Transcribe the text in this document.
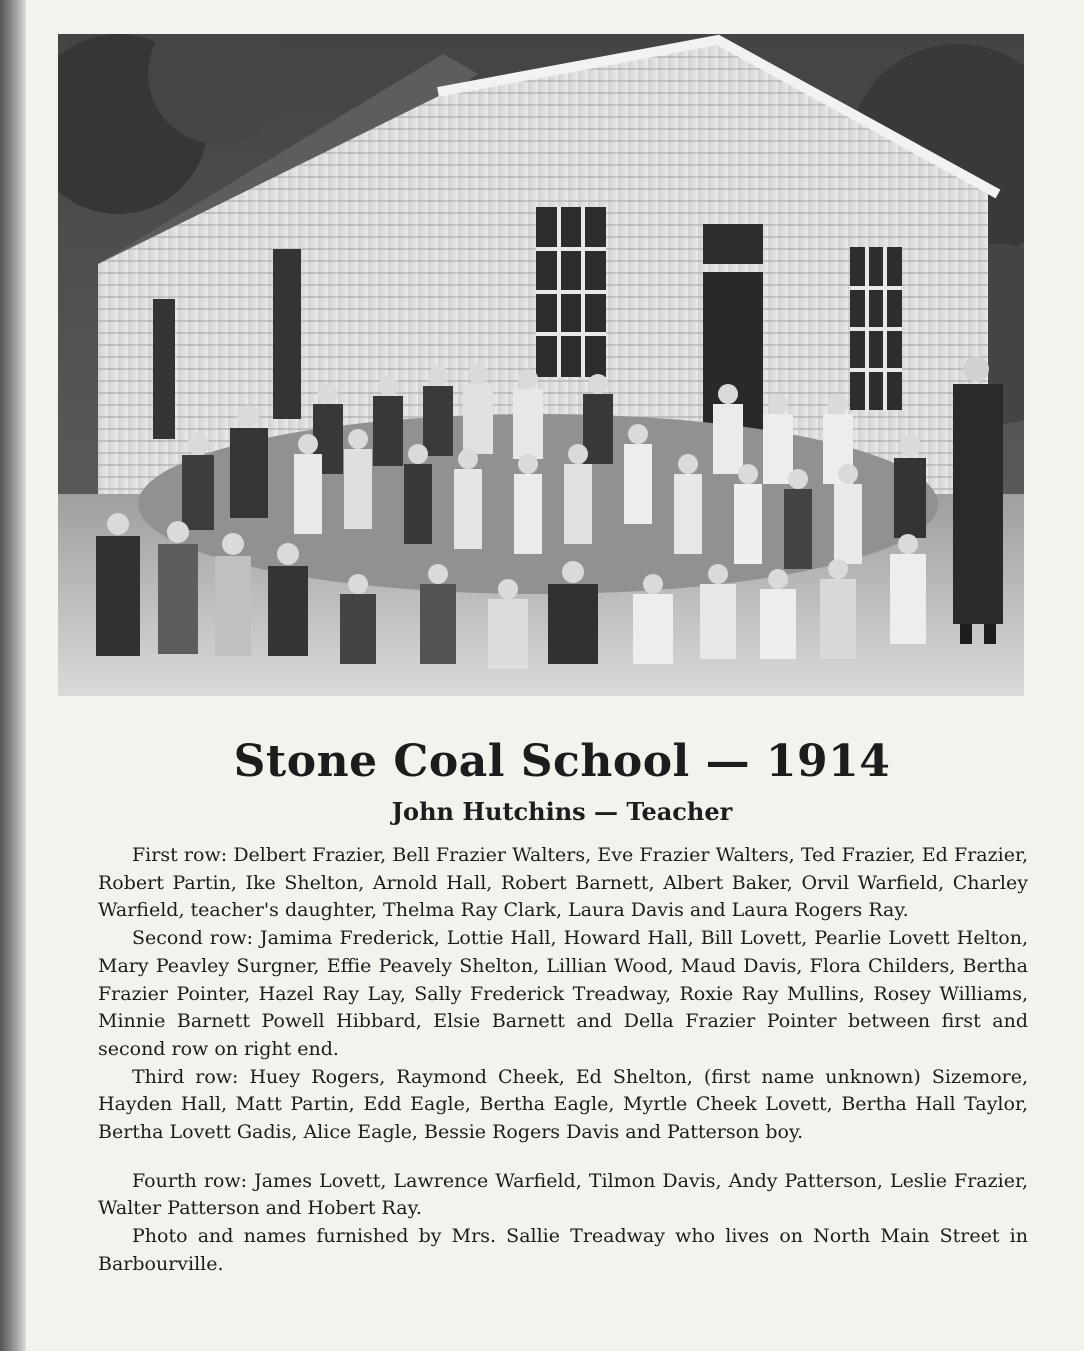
Stone Coal School — 1914
John Hutchins — Teacher

First row: Delbert Frazier, Bell Frazier Walters, Eve Frazier Walters, Ted Frazier, Ed Frazier, Robert Partin, Ike Shelton, Arnold Hall, Robert Barnett, Albert Baker, Orvil Warfield, Charley Warfield, teacher's daughter, Thelma Ray Clark, Laura Davis and Laura Rogers Ray.

Second row: Jamima Frederick, Lottie Hall, Howard Hall, Bill Lovett, Pearlie Lovett Helton, Mary Peavley Surgner, Effie Peavely Shelton, Lillian Wood, Maud Davis, Flora Childers, Bertha Frazier Pointer, Hazel Ray Lay, Sally Frederick Treadway, Roxie Ray Mullins, Rosey Williams, Minnie Barnett Powell Hibbard, Elsie Barnett and Della Frazier Pointer between first and second row on right end.

Third row: Huey Rogers, Raymond Cheek, Ed Shelton, (first name unknown) Sizemore, Hayden Hall, Matt Partin, Edd Eagle, Bertha Eagle, Myrtle Cheek Lovett, Bertha Hall Taylor, Bertha Lovett Gadis, Alice Eagle, Bessie Rogers Davis and Patterson boy.

Fourth row: James Lovett, Lawrence Warfield, Tilmon Davis, Andy Patterson, Leslie Frazier, Walter Patterson and Hobert Ray.

Photo and names furnished by Mrs. Sallie Treadway who lives on North Main Street in Barbourville.
